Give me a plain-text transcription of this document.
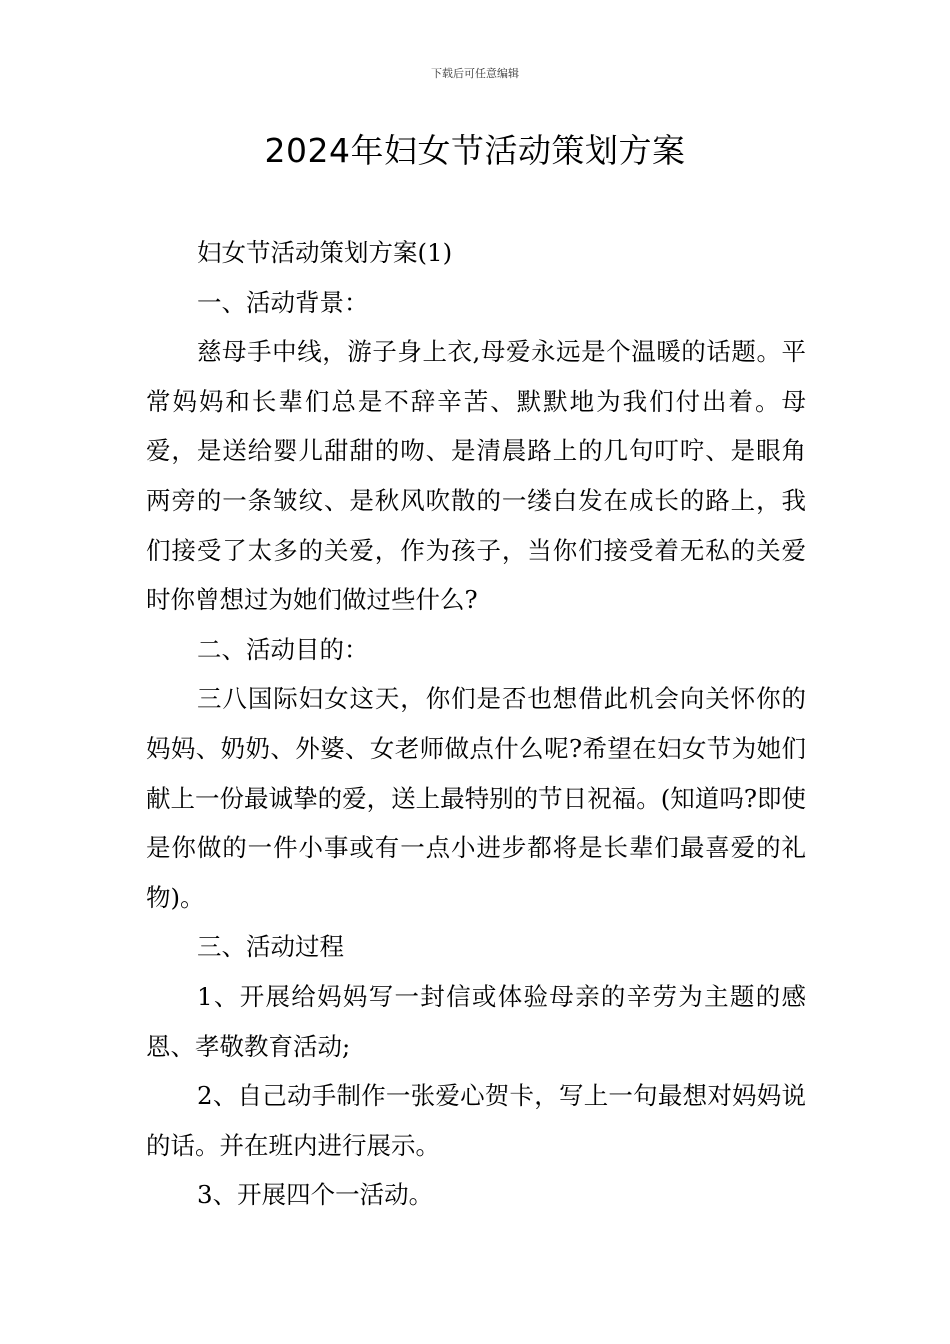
下载后可任意编辑
2024年妇女节活动策划方案

妇女节活动策划方案(1)

一、活动背景：

慈母手中线，游子身上衣,母爱永远是个温暖的话题。平常妈妈和长辈们总是不辞辛苦、默默地为我们付出着。母爱，是送给婴儿甜甜的吻、是清晨路上的几句叮咛、是眼角两旁的一条皱纹、是秋风吹散的一缕白发在成长的路上，我们接受了太多的关爱，作为孩子，当你们接受着无私的关爱时你曾想过为她们做过些什么?

二、活动目的：

三八国际妇女这天，你们是否也想借此机会向关怀你的妈妈、奶奶、外婆、女老师做点什么呢?希望在妇女节为她们献上一份最诚挚的爱，送上最特别的节日祝福。(知道吗?即使是你做的一件小事或有一点小进步都将是长辈们最喜爱的礼物)。

三、活动过程

1、开展给妈妈写一封信或体验母亲的辛劳为主题的感恩、孝敬教育活动;

2、自己动手制作一张爱心贺卡，写上一句最想对妈妈说的话。并在班内进行展示。

3、开展四个一活动。
